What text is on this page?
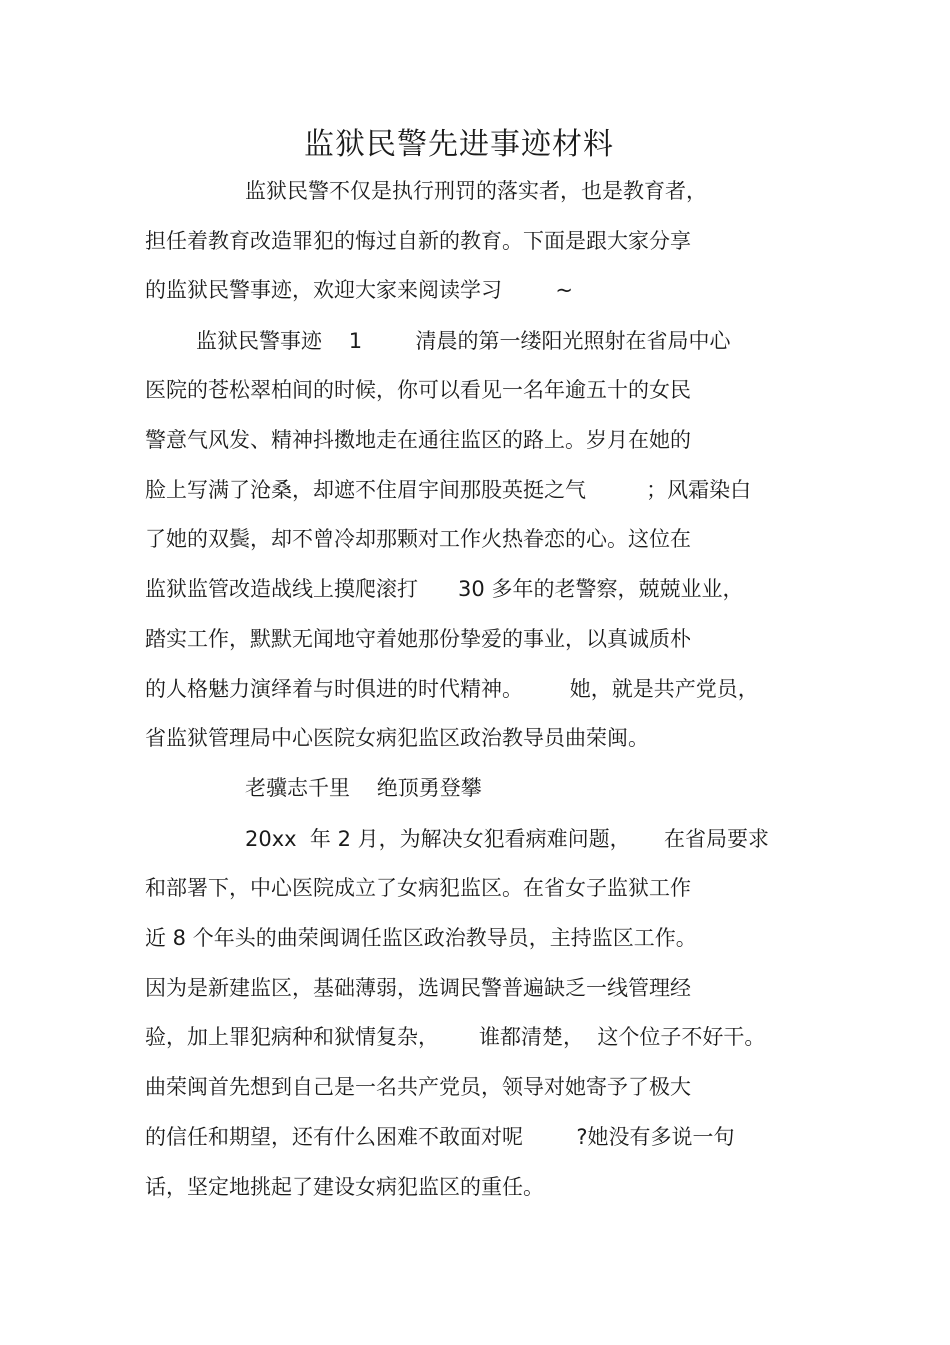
监狱民警先进事迹材料
监狱民警不仅是执行刑罚的落实者，也是教育者，
担任着教育改造罪犯的悔过自新的教育。下面是跟大家分享
的监狱民警事迹，欢迎大家来阅读学习        ~
监狱民警事迹    1        清晨的第一缕阳光照射在省局中心
医院的苍松翠柏间的时候，你可以看见一名年逾五十的女民
警意气风发、精神抖擞地走在通往监区的路上。岁月在她的
脸上写满了沧桑，却遮不住眉宇间那股英挺之气         ；风霜染白
了她的双鬓，却不曾冷却那颗对工作火热眷恋的心。这位在
监狱监管改造战线上摸爬滚打      30 多年的老警察，兢兢业业，
踏实工作，默默无闻地守着她那份挚爱的事业，以真诚质朴
的人格魅力演绎着与时俱进的时代精神。       她，就是共产党员，
省监狱管理局中心医院女病犯监区政治教导员曲荣闽。
老骥志千里    绝顶勇登攀
20xx  年 2 月，为解决女犯看病难问题，     在省局要求
和部署下，中心医院成立了女病犯监区。在省女子监狱工作
近 8 个年头的曲荣闽调任监区政治教导员，主持监区工作。
因为是新建监区，基础薄弱，选调民警普遍缺乏一线管理经
验，加上罪犯病种和狱情复杂，      谁都清楚，  这个位子不好干。
曲荣闽首先想到自己是一名共产党员，领导对她寄予了极大
的信任和期望，还有什么困难不敢面对呢        ?她没有多说一句
话，坚定地挑起了建设女病犯监区的重任。
